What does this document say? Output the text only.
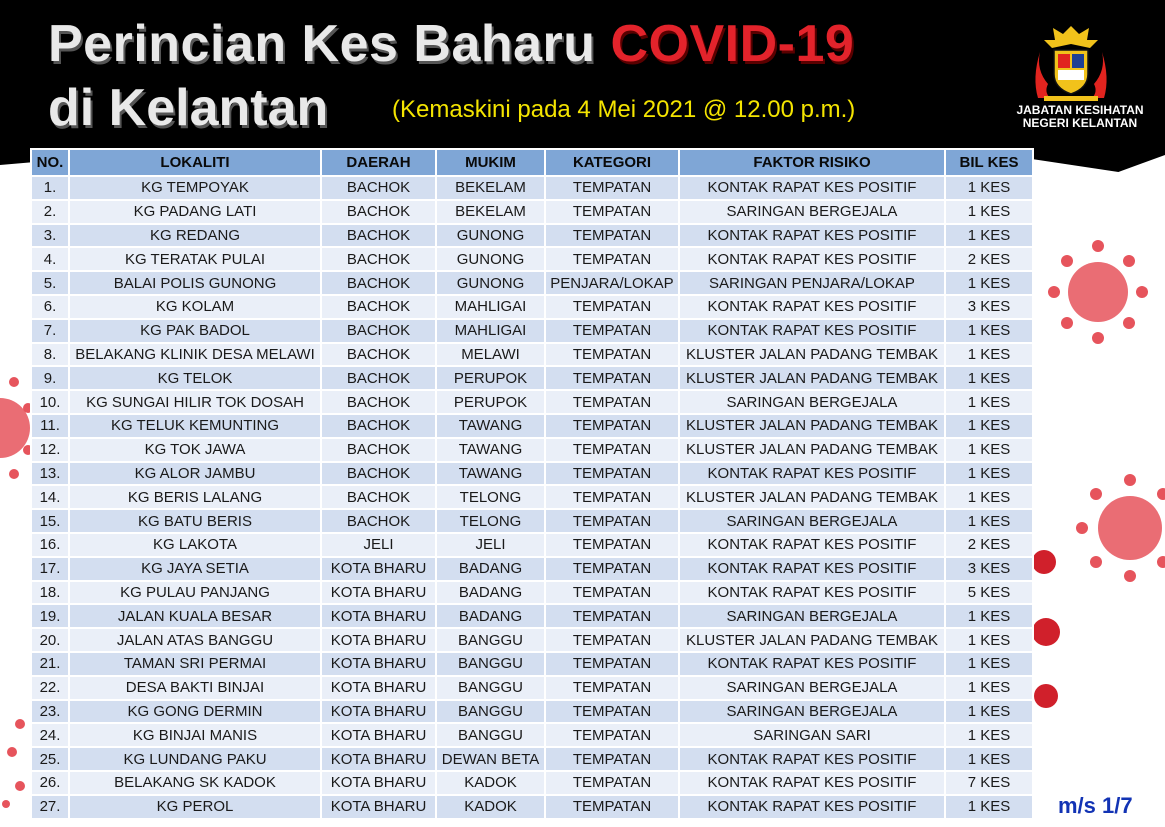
Perincian Kes Baharu COVID-19
di Kelantan	(Kemaskini pada 4 Mei 2021 @ 12.00 p.m.)	JABATAN KESIHATAN
NEGERI KELANTAN
NO.	LOKALITI	DAERAH	MUKIM	KATEGORI	FAKTOR RISIKO	BIL KES
1.	KG TEMPOYAK	BACHOK	BEKELAM	TEMPATAN	KONTAK RAPAT KES POSITIF	1 KES
2.	KG PADANG LATI	BACHOK	BEKELAM	TEMPATAN	SARINGAN BERGEJALA	1 KES
3.	KG REDANG	BACHOK	GUNONG	TEMPATAN	KONTAK RAPAT KES POSITIF	1 KES
4.	KG TERATAK PULAI	BACHOK	GUNONG	TEMPATAN	KONTAK RAPAT KES POSITIF	2 KES
5.	BALAI POLIS GUNONG	BACHOK	GUNONG	PENJARA/LOKAP	SARINGAN PENJARA/LOKAP	1 KES
6.	KG KOLAM	BACHOK	MAHLIGAI	TEMPATAN	KONTAK RAPAT KES POSITIF	3 KES
7.	KG PAK BADOL	BACHOK	MAHLIGAI	TEMPATAN	KONTAK RAPAT KES POSITIF	1 KES
8.	BELAKANG KLINIK DESA MELAWI	BACHOK	MELAWI	TEMPATAN	KLUSTER JALAN PADANG TEMBAK	1 KES
9.	KG TELOK	BACHOK	PERUPOK	TEMPATAN	KLUSTER JALAN PADANG TEMBAK	1 KES
10.	KG SUNGAI HILIR TOK DOSAH	BACHOK	PERUPOK	TEMPATAN	SARINGAN BERGEJALA	1 KES
11.	KG TELUK KEMUNTING	BACHOK	TAWANG	TEMPATAN	KLUSTER JALAN PADANG TEMBAK	1 KES
12.	KG TOK JAWA	BACHOK	TAWANG	TEMPATAN	KLUSTER JALAN PADANG TEMBAK	1 KES
13.	KG ALOR JAMBU	BACHOK	TAWANG	TEMPATAN	KONTAK RAPAT KES POSITIF	1 KES
14.	KG BERIS LALANG	BACHOK	TELONG	TEMPATAN	KLUSTER JALAN PADANG TEMBAK	1 KES
15.	KG BATU BERIS	BACHOK	TELONG	TEMPATAN	SARINGAN BERGEJALA	1 KES
16.	KG LAKOTA	JELI	JELI	TEMPATAN	KONTAK RAPAT KES POSITIF	2 KES
17.	KG JAYA SETIA	KOTA BHARU	BADANG	TEMPATAN	KONTAK RAPAT KES POSITIF	3 KES
18.	KG PULAU PANJANG	KOTA BHARU	BADANG	TEMPATAN	KONTAK RAPAT KES POSITIF	5 KES
19.	JALAN KUALA BESAR	KOTA BHARU	BADANG	TEMPATAN	SARINGAN BERGEJALA	1 KES
20.	JALAN ATAS BANGGU	KOTA BHARU	BANGGU	TEMPATAN	KLUSTER JALAN PADANG TEMBAK	1 KES
21.	TAMAN SRI PERMAI	KOTA BHARU	BANGGU	TEMPATAN	KONTAK RAPAT KES POSITIF	1 KES
22.	DESA BAKTI BINJAI	KOTA BHARU	BANGGU	TEMPATAN	SARINGAN BERGEJALA	1 KES
23.	KG GONG DERMIN	KOTA BHARU	BANGGU	TEMPATAN	SARINGAN BERGEJALA	1 KES
24.	KG BINJAI MANIS	KOTA BHARU	BANGGU	TEMPATAN	SARINGAN SARI	1 KES
25.	KG LUNDANG PAKU	KOTA BHARU	DEWAN BETA	TEMPATAN	KONTAK RAPAT KES POSITIF	1 KES
26.	BELAKANG SK KADOK	KOTA BHARU	KADOK	TEMPATAN	KONTAK RAPAT KES POSITIF	7 KES
27.	KG PEROL	KOTA BHARU	KADOK	TEMPATAN	KONTAK RAPAT KES POSITIF	1 KES m/s 1/7
